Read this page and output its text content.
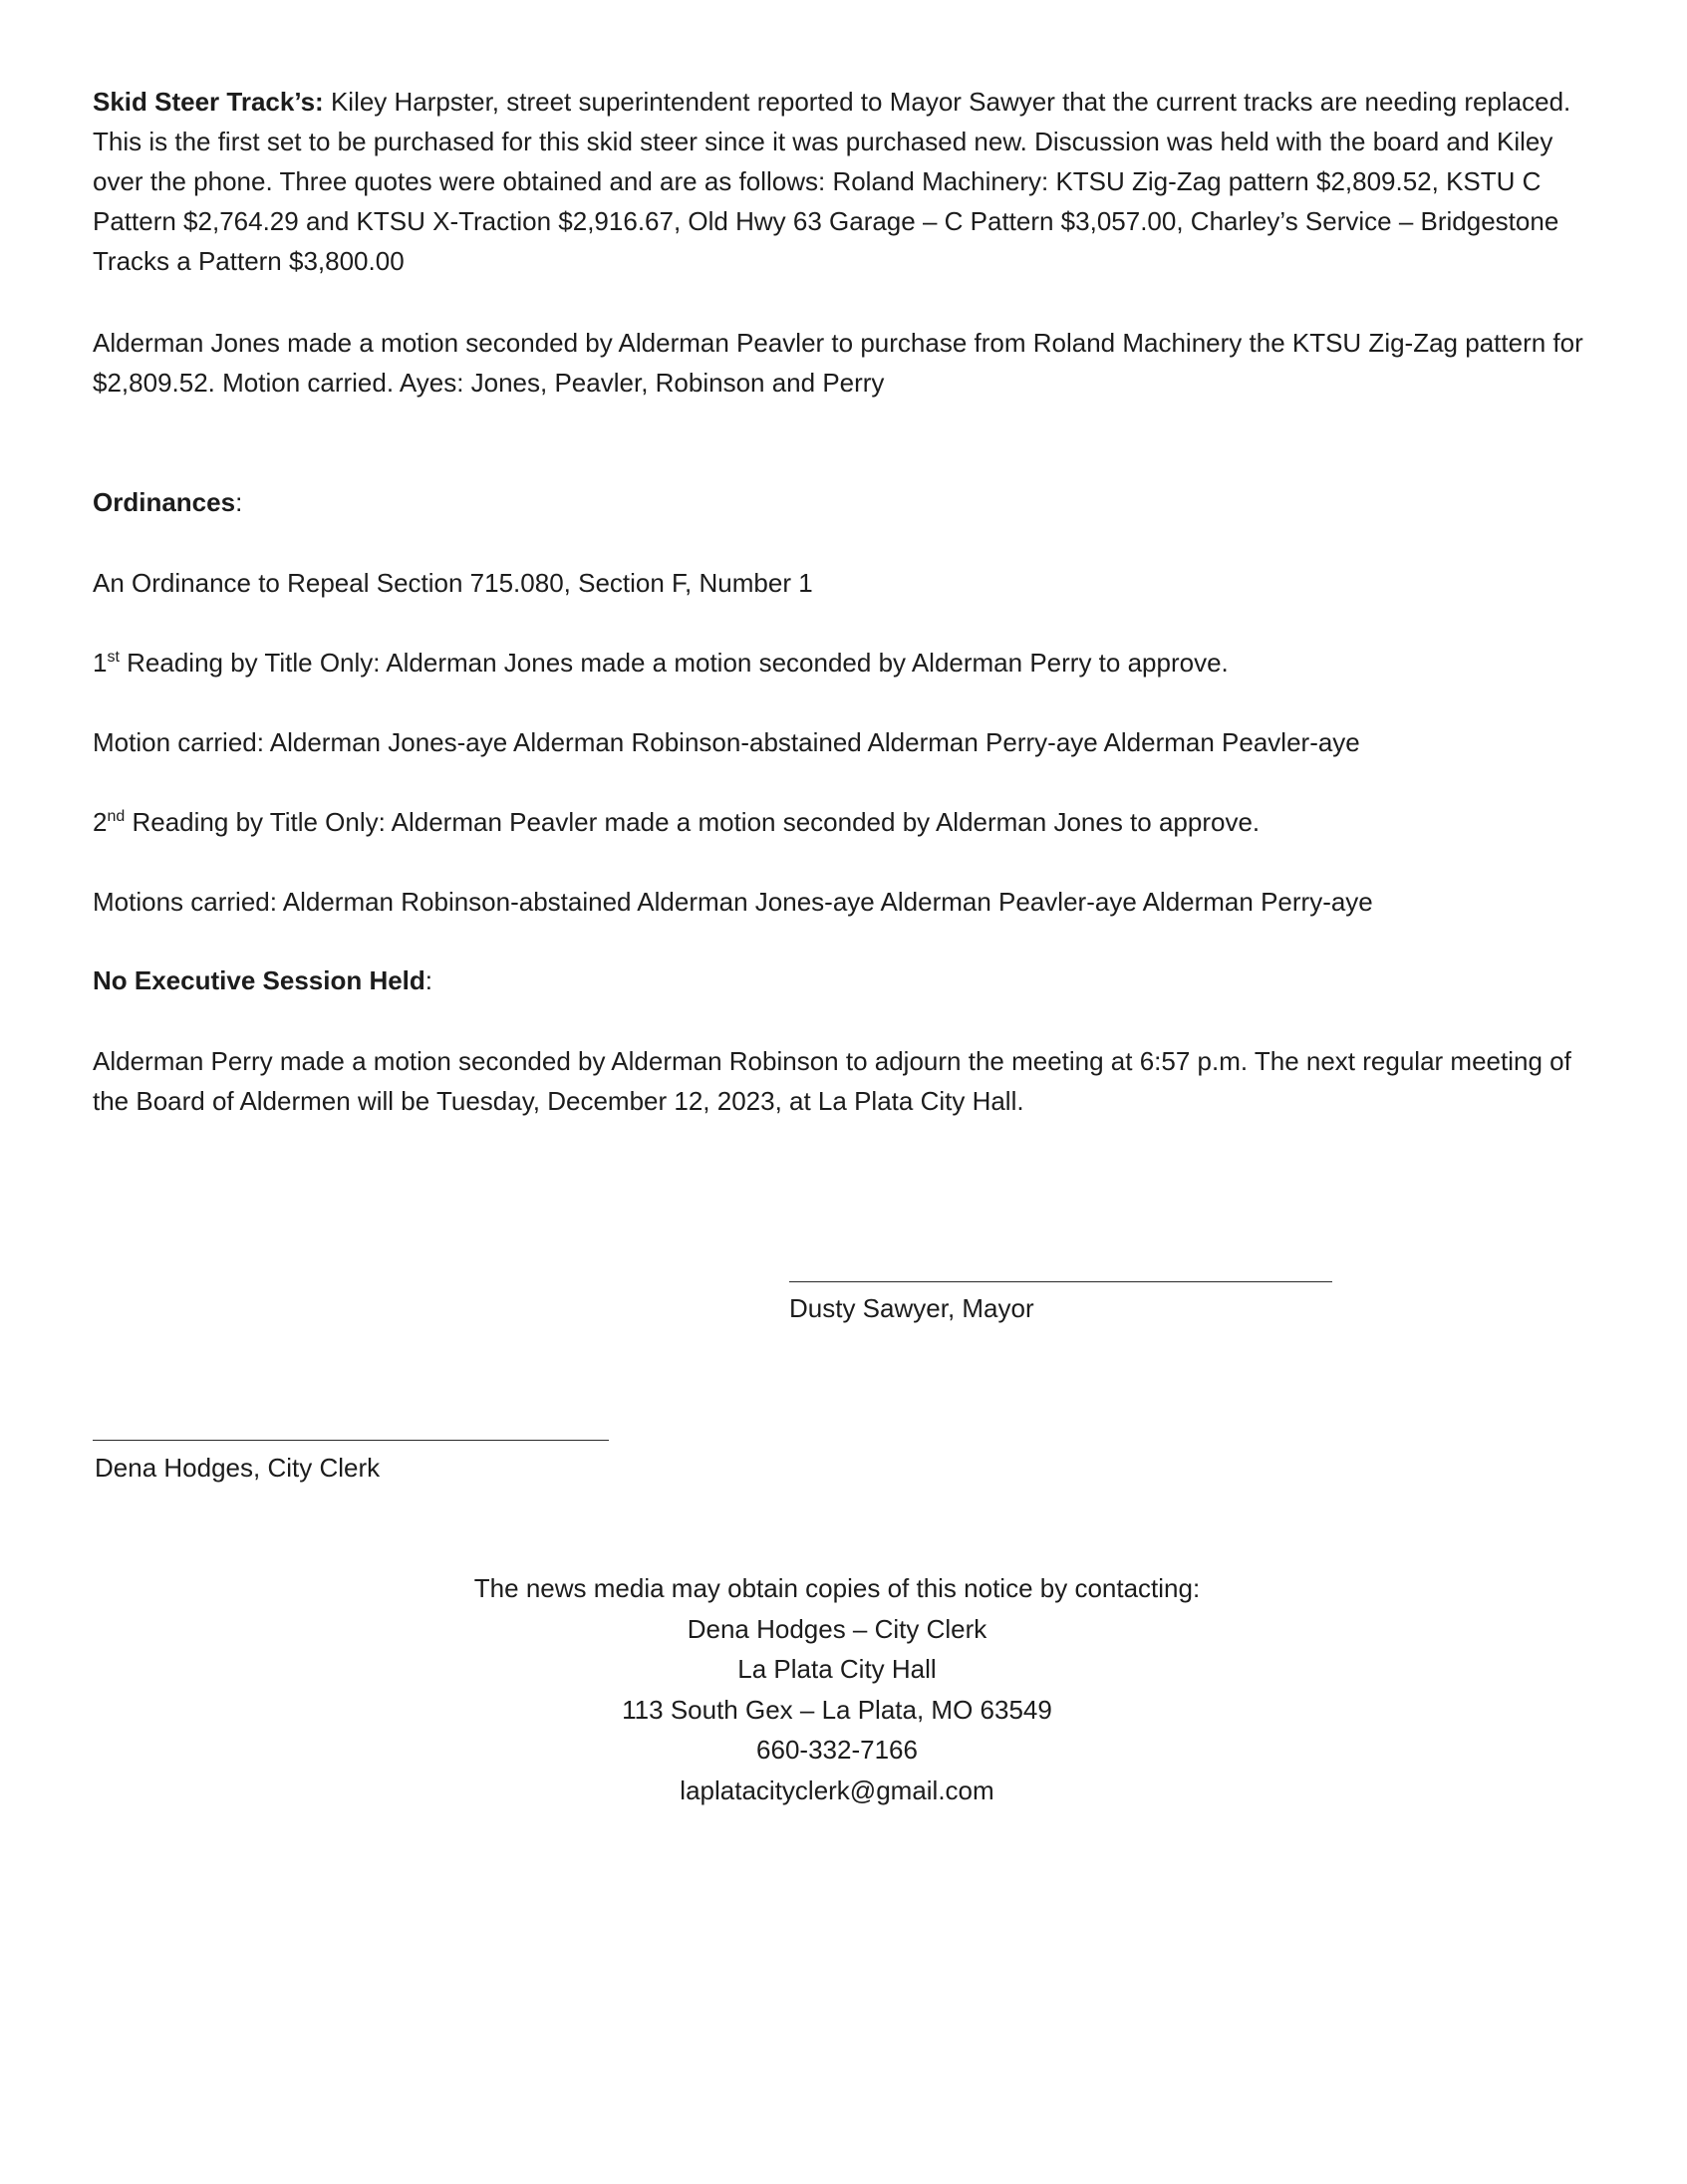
Skid Steer Track’s: Kiley Harpster, street superintendent reported to Mayor Sawyer that the current tracks are needing replaced. This is the first set to be purchased for this skid steer since it was purchased new. Discussion was held with the board and Kiley over the phone. Three quotes were obtained and are as follows: Roland Machinery: KTSU Zig-Zag pattern $2,809.52, KSTU C Pattern $2,764.29 and KTSU X-Traction $2,916.67, Old Hwy 63 Garage – C Pattern $3,057.00, Charley’s Service – Bridgestone Tracks a Pattern $3,800.00

Alderman Jones made a motion seconded by Alderman Peavler to purchase from Roland Machinery the KTSU Zig-Zag pattern for $2,809.52. Motion carried. Ayes: Jones, Peavler, Robinson and Perry

Ordinances:

An Ordinance to Repeal Section 715.080, Section F, Number 1

1st Reading by Title Only: Alderman Jones made a motion seconded by Alderman Perry to approve.

Motion carried: Alderman Jones-aye Alderman Robinson-abstained Alderman Perry-aye Alderman Peavler-aye

2nd Reading by Title Only: Alderman Peavler made a motion seconded by Alderman Jones to approve.

Motions carried: Alderman Robinson-abstained Alderman Jones-aye Alderman Peavler-aye Alderman Perry-aye

No Executive Session Held:

Alderman Perry made a motion seconded by Alderman Robinson to adjourn the meeting at 6:57 p.m. The next regular meeting of the Board of Aldermen will be Tuesday, December 12, 2023, at La Plata City Hall.

Dusty Sawyer, Mayor
Dena Hodges, City Clerk
The news media may obtain copies of this notice by contacting:
Dena Hodges – City Clerk
La Plata City Hall
113 South Gex – La Plata, MO 63549
660-332-7166
laplatacityclerk@gmail.com
